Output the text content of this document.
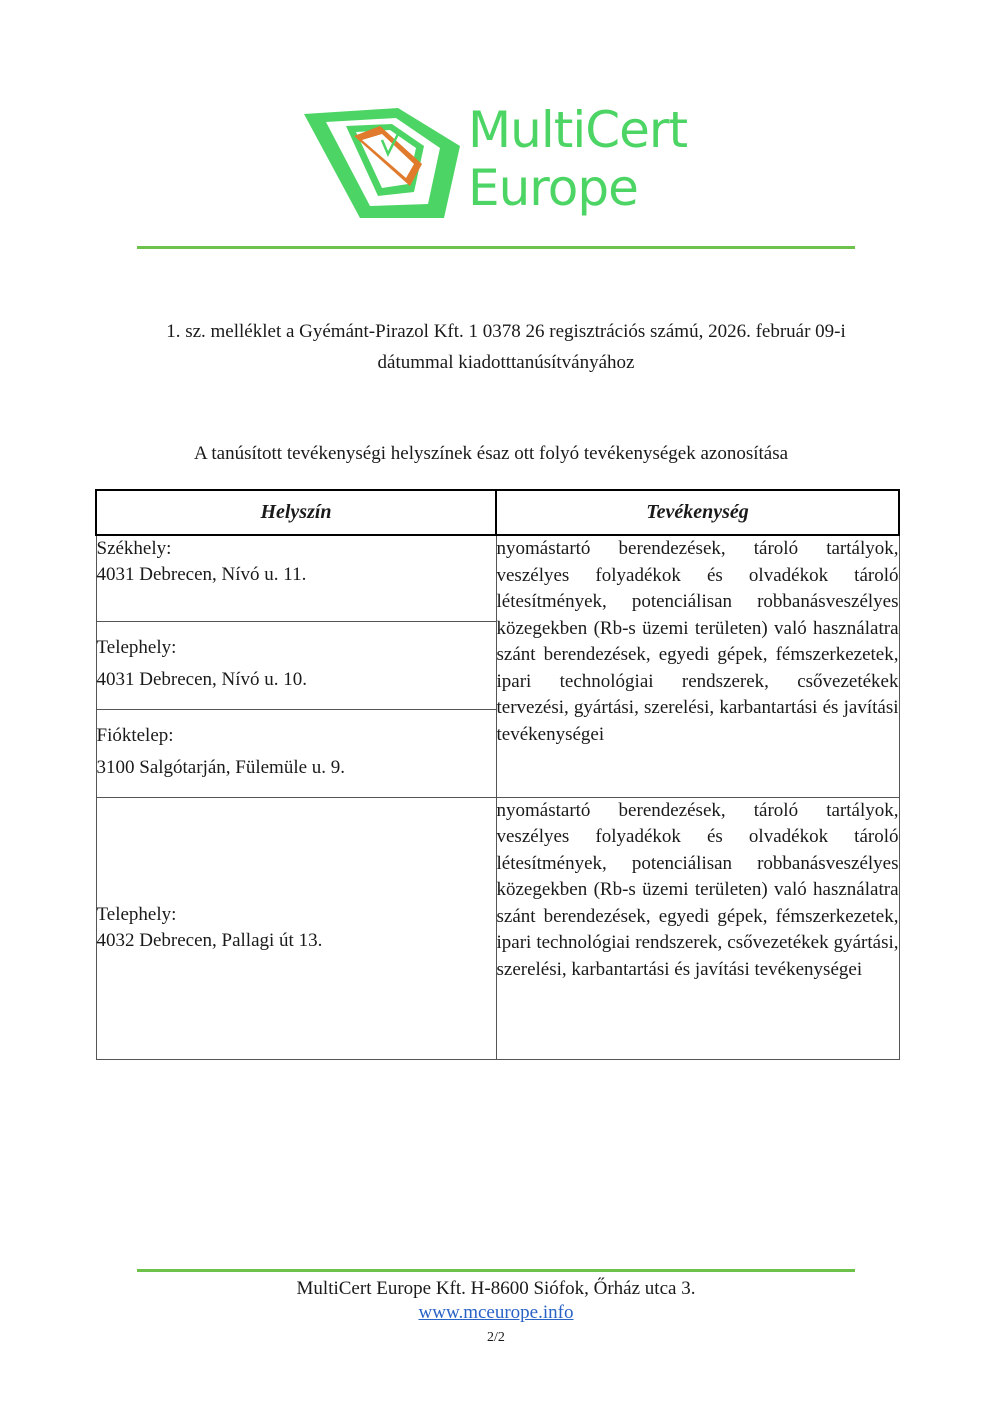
MultiCert
Europe
1. sz. melléklet a Gyémánt-Pirazol Kft. 1 0378 26 regisztrációs számú, 2026. február 09-i
dátummal kiadotttanúsítványához
A tanúsított tevékenységi helyszínek ésaz ott folyó tevékenységek azonosítása
Helyszín	Tevékenység

Székhely:
4031 Debrecen, Nívó u. 11.	nyomástartó berendezések, tároló tartályok, veszélyes folyadékok és olvadékok tároló létesítmények, potenciálisan robbanásveszélyes közegekben (Rb-s üzemi területen) való használatra szánt berendezések, egyedi gépek, fémszerkezetek, ipari technológiai rendszerek, csővezetékek tervezési, gyártási, szerelési, karbantartási és javítási tevékenységei

Telephely:
4031 Debrecen, Nívó u. 10.	

Fióktelep:
3100 Salgótarján, Fülemüle u. 9.	

Telephely:
4032 Debrecen, Pallagi út 13.	nyomástartó berendezések, tároló tartályok, veszélyes folyadékok és olvadékok tároló létesítmények, potenciálisan robbanásveszélyes közegekben (Rb-s üzemi területen) való használatra szánt berendezések, egyedi gépek, fémszerkezetek, ipari technológiai rendszerek, csővezetékek gyártási, szerelési, karbantartási és javítási tevékenységei
MultiCert Europe Kft. H-8600 Siófok, Őrház utca 3.
www.mceurope.info
2/2
